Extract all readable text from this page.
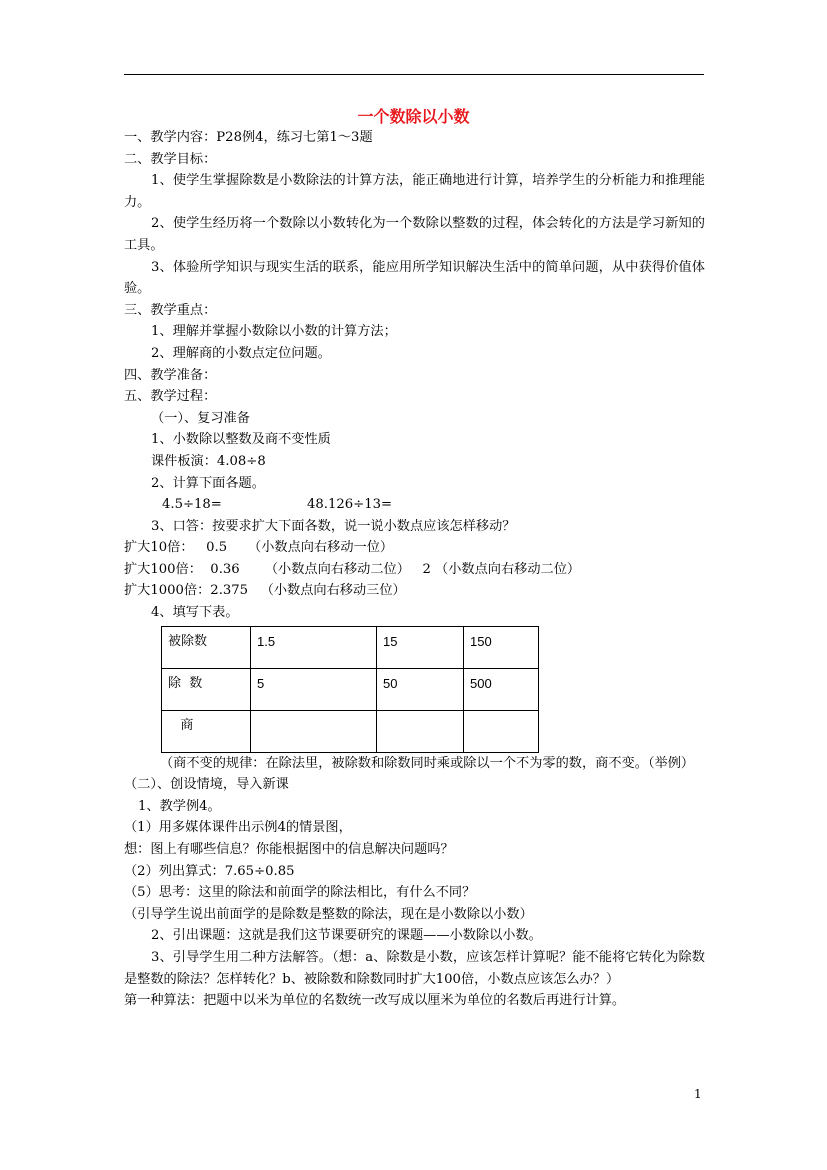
一个数除以小数

一、教学内容：P28例4，练习七第1～3题

二、教学目标：

1、使学生掌握除数是小数除法的计算方法，能正确地进行计算，培养学生的分析能力和推理能力。

2、使学生经历将一个数除以小数转化为一个数除以整数的过程，体会转化的方法是学习新知的工具。

3、体验所学知识与现实生活的联系，能应用所学知识解决生活中的简单问题，从中获得价值体验。

三、教学重点：

1、理解并掌握小数除以小数的计算方法；

2、理解商的小数点定位问题。

四、教学准备：

五、教学过程：

（一）、复习准备

1、小数除以整数及商不变性质

课件板演：4.08÷8

2、计算下面各题。

4.5÷18=	48.126÷13=

3、口答：按要求扩大下面各数，说一说小数点应该怎样移动？

扩大10倍：   0.5     （小数点向右移动一位）

扩大100倍：  0.36      （小数点向右移动二位）   2 （小数点向右移动二位）

扩大1000倍：2.375   （小数点向右移动三位）

4、填写下表。

被除数	1.5	15	150
除  数	5	50	500
商			

（商不变的规律：在除法里，被除数和除数同时乘或除以一个不为零的数，商不变。（举例）

（二）、创设情境，导入新课

1、教学例4。

（1）用多媒体课件出示例4的情景图，

想：图上有哪些信息？你能根据图中的信息解决问题吗？

（2）列出算式：7.65÷0.85

（5）思考：这里的除法和前面学的除法相比，有什么不同？

（引导学生说出前面学的是除数是整数的除法，现在是小数除以小数）

2、引出课题：这就是我们这节课要研究的课题——小数除以小数。

3、引导学生用二种方法解答。（想：a、除数是小数，应该怎样计算呢？能不能将它转化为除数是整数的除法？怎样转化？b、被除数和除数同时扩大100倍，小数点应该怎么办？）

第一种算法：把题中以米为单位的名数统一改写成以厘米为单位的名数后再进行计算。

1
